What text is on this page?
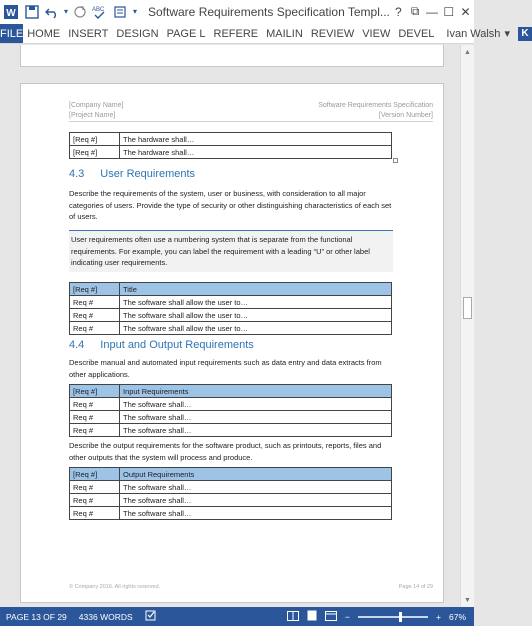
W	▾	ABC	▾ Software Requirements Specification Templ... ? ⧉ — ☐ ✕
FILE HOME INSERT DESIGN PAGE L REFERE MAILIN REVIEW VIEW DEVEL	Ivan Walsh ▾	K
[Company Name]	Software Requirements Specification
[Project Name]	[Version Number]
[Req #]	The hardware shall…
[Req #]	The hardware shall…
4.3 User Requirements
Describe the requirements of the system, user or business, with consideration to all major categories of users. Provide the type of security or other distinguishing characteristics of each set of users.
User requirements often use a numbering system that is separate from the functional requirements. For example, you can label the requirement with a leading “U” or other label indicating user requirements.
[Req #]	Title
Req #	The software shall allow the user to…
Req #	The software shall allow the user to…
Req #	The software shall allow the user to…
4.4 Input and Output Requirements
Describe manual and automated input requirements such as data entry and data extracts from other applications.
[Req #]	Input Requirements
Req #	The software shall…
Req #	The software shall…
Req #	The software shall…
Describe the output requirements for the software product, such as printouts, reports, files and other outputs that the system will process and produce.
[Req #]	Output Requirements
Req #	The software shall…
Req #	The software shall…
Req #	The software shall…
© Company 2016. All rights reserved.	Page 14 of 29
▲
▼
PAGE 13 OF 29 4336 WORDS	−	+ 67%
